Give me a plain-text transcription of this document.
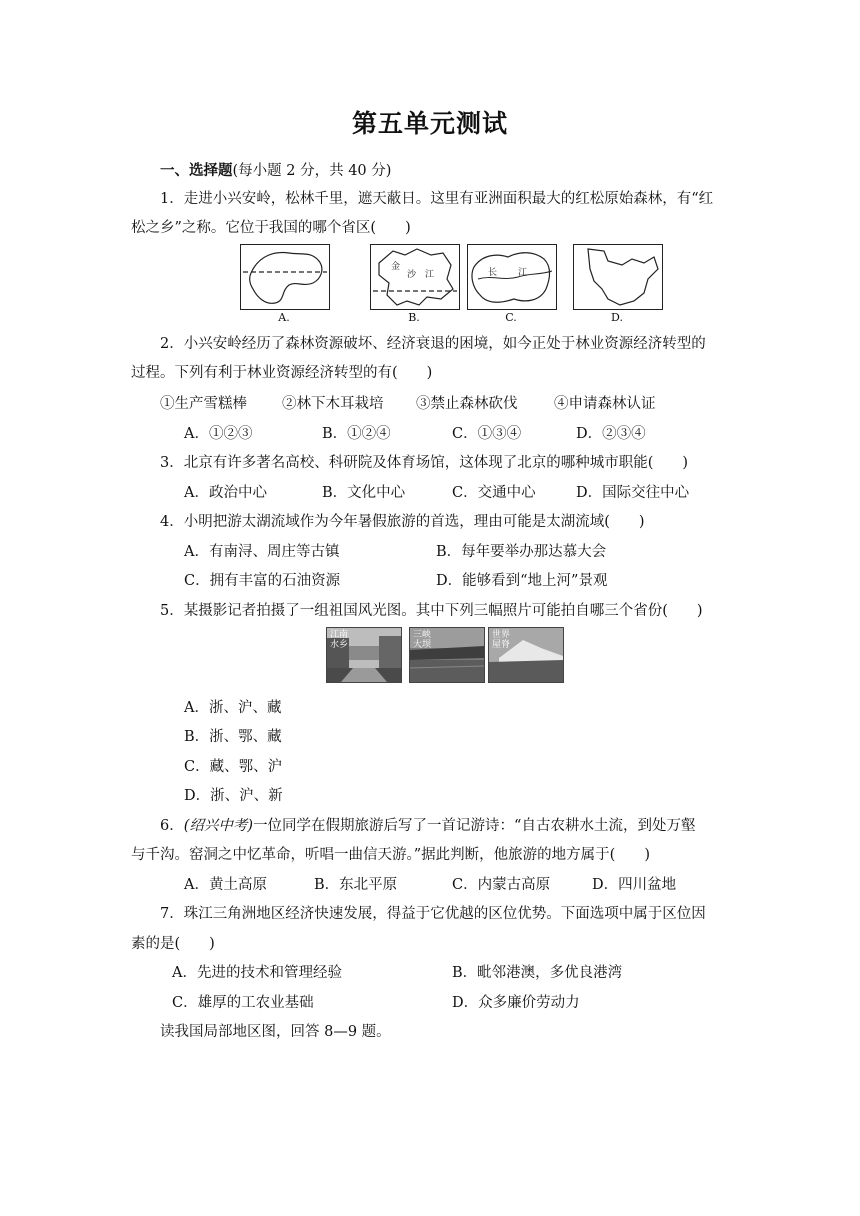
第五单元测试
一、选择题(每小题 2 分，共 40 分)
1．走进小兴安岭，松林千里，遮天蔽日。这里有亚洲面积最大的红松原始森林，有“红
松之乡”之称。它位于我国的哪个省区(　　)
金
沙 江	长 江
A.	B.	C.	D.
2．小兴安岭经历了森林资源破坏、经济衰退的困境，如今正处于林业资源经济转型的
过程。下列有利于林业资源经济转型的有(　　)
①生产雪糕棒 ②林下木耳栽培 ③禁止森林砍伐	④申请森林认证
A．①②③	B．①②④	C．①③④	D．②③④
3．北京有许多著名高校、科研院及体育场馆，这体现了北京的哪种城市职能(　　)
A．政治中心	B．文化中心	C．交通中心	D．国际交往中心
4．小明把游太湖流域作为今年暑假旅游的首选，理由可能是太湖流域(　　)
A．有南浔、周庄等古镇	B．每年要举办那达慕大会
C．拥有丰富的石油资源	D．能够看到“地上河”景观
5．某摄影记者拍摄了一组祖国风光图。其中下列三幅照片可能拍自哪三个省份(　　)
江南
水乡
三峡
大坝
世界
屋脊
A．浙、沪、藏
B．浙、鄂、藏
C．藏、鄂、沪
D．浙、沪、新
6．(绍兴中考)一位同学在假期旅游后写了一首记游诗：“自古农耕水土流，到处万壑
与千沟。窑洞之中忆革命，听唱一曲信天游。”据此判断，他旅游的地方属于(　　)
A．黄土高原	B．东北平原	C．内蒙古高原	D．四川盆地
7．珠江三角洲地区经济快速发展，得益于它优越的区位优势。下面选项中属于区位因
素的是(　　)
A．先进的技术和管理经验	B．毗邻港澳，多优良港湾
C．雄厚的工农业基础	D．众多廉价劳动力
读我国局部地区图，回答 8—9 题。
